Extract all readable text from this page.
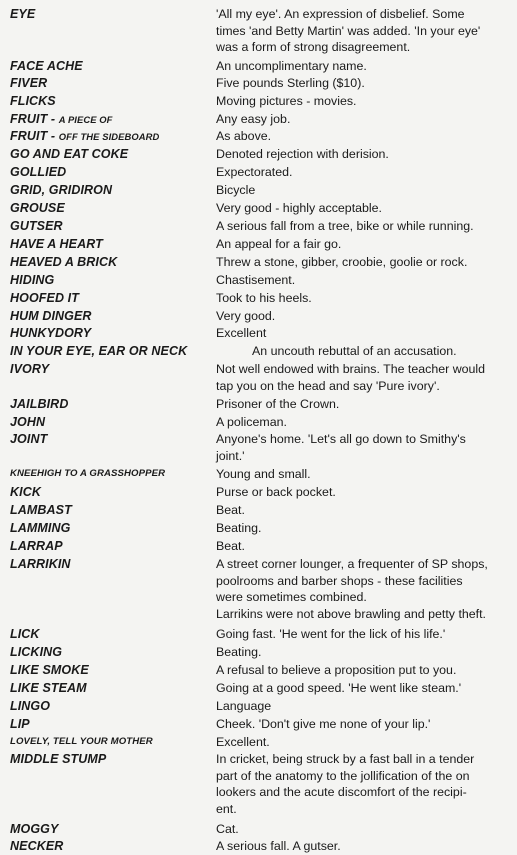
EYE	'All my eye'. An expression of disbelief. Some
times 'and Betty Martin' was added. 'In your eye'
was a form of strong disagreement.
FACE ACHE	An uncomplimentary name.
FIVER	Five pounds Sterling ($10).
FLICKS	Moving pictures - movies.
FRUIT - A PIECE OF	Any easy job.
FRUIT - OFF THE SIDEBOARD	As above.
GO AND EAT COKE	Denoted rejection with derision.
GOLLIED	Expectorated.
GRID, GRIDIRON	Bicycle
GROUSE	Very good - highly acceptable.
GUTSER	A serious fall from a tree, bike or while running.
HAVE A HEART	An appeal for a fair go.
HEAVED A BRICK	Threw a stone, gibber, croobie, goolie or rock.
HIDING	Chastisement.
HOOFED IT	Took to his heels.
HUM DINGER	Very good.
HUNKYDORY	Excellent
IN YOUR EYE, EAR OR NECK	An uncouth rebuttal of an accusation.
IVORY	Not well endowed with brains. The teacher would
tap you on the head and say 'Pure ivory'.
JAILBIRD	Prisoner of the Crown.
JOHN	A policeman.
JOINT	Anyone's home. 'Let's all go down to Smithy's
joint.'
KNEEHIGH TO A GRASSHOPPER	Young and small.
KICK	Purse or back pocket.
LAMBAST	Beat.
LAMMING	Beating.
LARRAP	Beat.
LARRIKIN	A street corner lounger, a frequenter of SP shops,
poolrooms and barber shops - these facilities
were sometimes combined.
Larrikins were not above brawling and petty theft.
LICK	Going fast. 'He went for the lick of his life.'
LICKING	Beating.
LIKE SMOKE	A refusal to believe a proposition put to you.
LIKE STEAM	Going at a good speed. 'He went like steam.'
LINGO	Language
LIP	Cheek. 'Don't give me none of your lip.'
LOVELY, TELL YOUR MOTHER	Excellent.
MIDDLE STUMP	In cricket, being struck by a fast ball in a tender
part of the anatomy to the jollification of the on
lookers and the acute discomfort of the recipi-
ent.
MOGGY	Cat.
NECKER	A serious fall. A gutser.
